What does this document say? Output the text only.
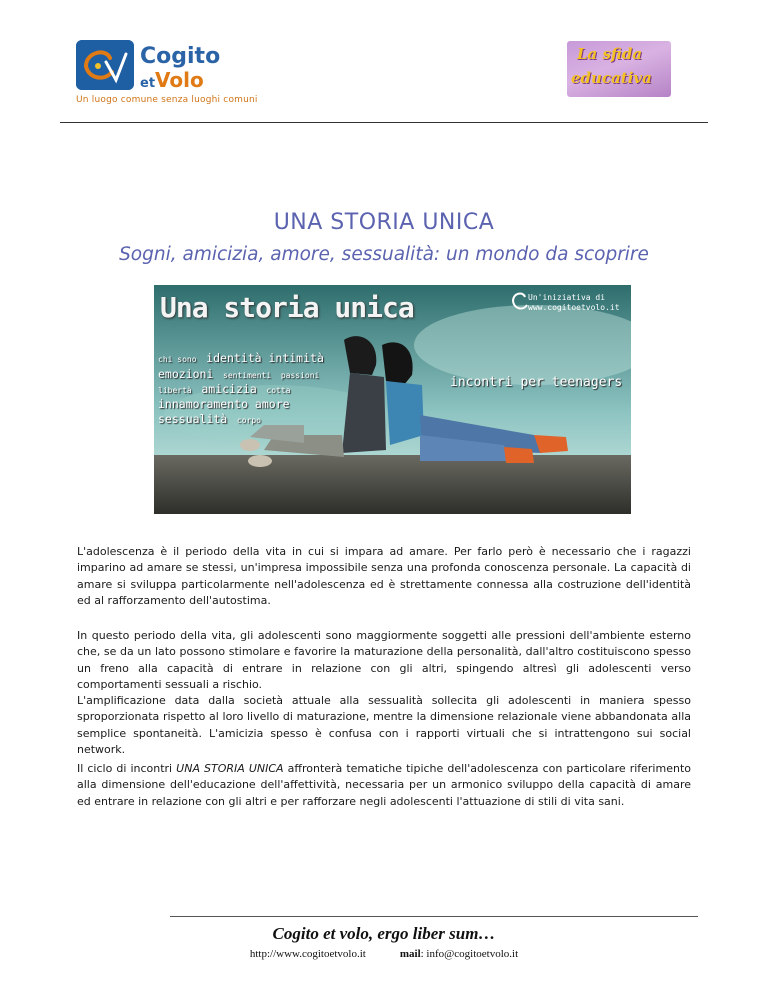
Cogito
etVolo
Un luogo comune senza luoghi comuni
La sfida
educativa
UNA STORIA UNICA
Sogni, amicizia, amore, sessualità: un mondo da scoprire
Una storia unica	Un'iniziativa di
www.cogitoetvolo.it
chi sono identità intimità
emozioni sentimenti passioni
libertà amicizia cotta
innamoramento amore
sessualità corpo
incontri per teenagers
L'adolescenza è il periodo della vita in cui si impara ad amare. Per farlo però è necessario che i ragazzi imparino ad amare se stessi, un'impresa impossibile senza una profonda conoscenza personale. La capacità di amare si sviluppa particolarmente nell'adolescenza ed è strettamente connessa alla costruzione dell'identità ed al rafforzamento dell'autostima.
In questo periodo della vita, gli adolescenti sono maggiormente soggetti alle pressioni dell'ambiente esterno che, se da un lato possono stimolare e favorire la maturazione della personalità, dall'altro costituiscono spesso un freno alla capacità di entrare in relazione con gli altri, spingendo altresì gli adolescenti verso comportamenti sessuali a rischio.
L'amplificazione data dalla società attuale alla sessualità sollecita gli adolescenti in maniera spesso sproporzionata rispetto al loro livello di maturazione, mentre la dimensione relazionale viene abbandonata alla semplice spontaneità. L'amicizia spesso è confusa con i rapporti virtuali che si intrattengono sui social network.
Il ciclo di incontri UNA STORIA UNICA affronterà tematiche tipiche dell'adolescenza con particolare riferimento alla dimensione dell'educazione dell'affettività, necessaria per un armonico sviluppo della capacità di amare ed entrare in relazione con gli altri e per rafforzare negli adolescenti l'attuazione di stili di vita sani.
Cogito et volo, ergo liber sum…
http://www.cogitoetvolo.it	mail: info@cogitoetvolo.it
